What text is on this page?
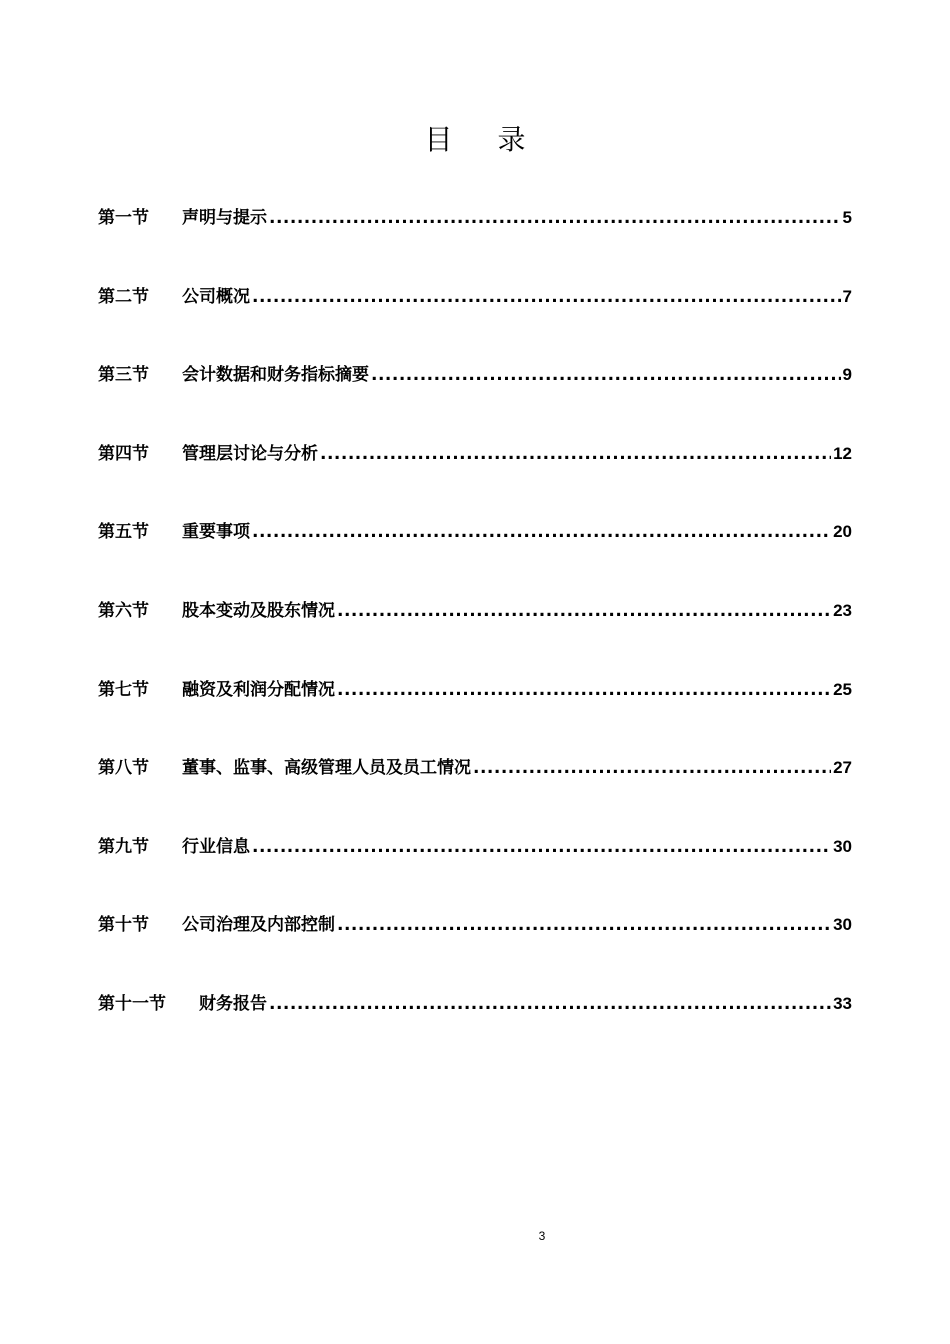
目 录
第一节	声明与提示 .....	5
第二节	公司概况 .....	7
第三节	会计数据和财务指标摘要 .....	9
第四节	管理层讨论与分析 .....	12
第五节	重要事项 .....	20
第六节	股本变动及股东情况 .....	23
第七节	融资及利润分配情况 .....	25
第八节	董事、监事、高级管理人员及员工情况 .....	27
第九节	行业信息 .....	30
第十节	公司治理及内部控制 .....	30
第十一节	财务报告 .....	33
3
